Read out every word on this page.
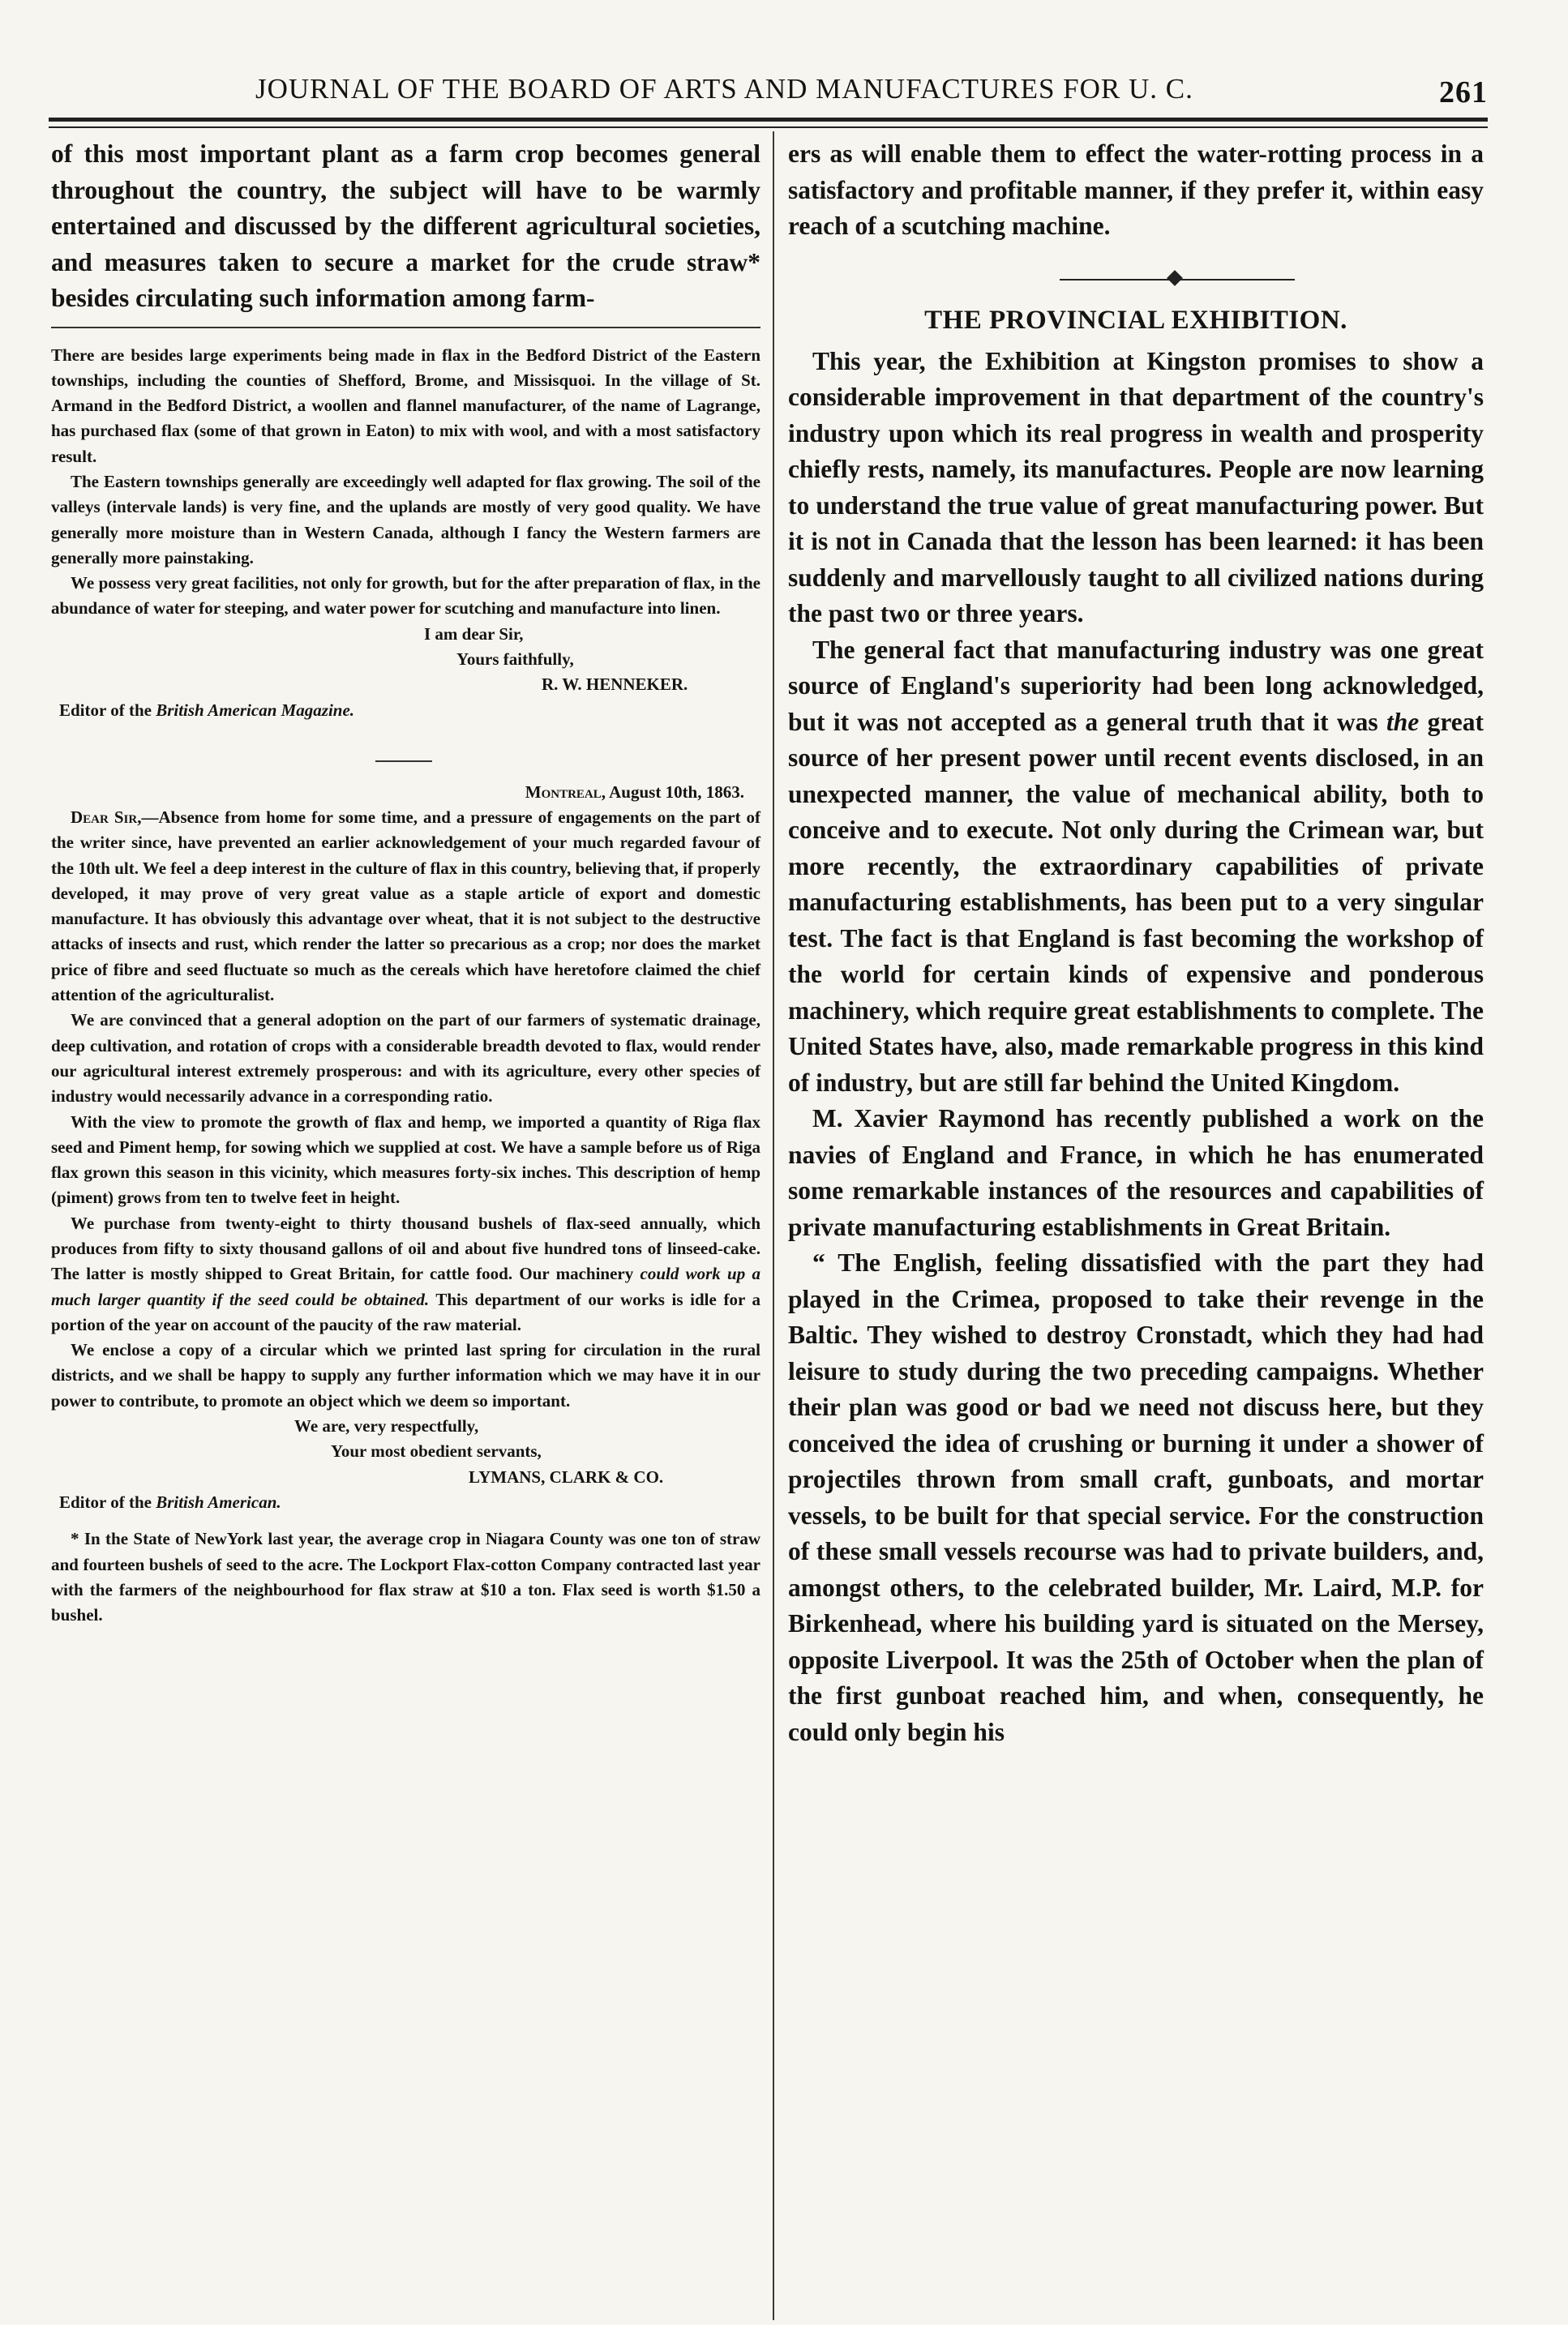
JOURNAL OF THE BOARD OF ARTS AND MANUFACTURES FOR U. C.	261

of this most important plant as a farm crop becomes general throughout the country, the subject will have to be warmly entertained and discussed by the different agricultural societies, and measures taken to secure a market for the crude straw* besides circulating such information among farm-

There are besides large experiments being made in flax in the Bedford District of the Eastern townships, including the counties of Shefford, Brome, and Missisquoi. In the village of St. Armand in the Bedford District, a woollen and flannel manufacturer, of the name of Lagrange, has purchased flax (some of that grown in Eaton) to mix with wool, and with a most satisfactory result.

The Eastern townships generally are exceedingly well adapted for flax growing. The soil of the valleys (intervale lands) is very fine, and the uplands are mostly of very good quality. We have generally more moisture than in Western Canada, although I fancy the Western farmers are generally more painstaking.

We possess very great facilities, not only for growth, but for the after preparation of flax, in the abundance of water for steeping, and water power for scutching and manufacture into linen.

I am dear Sir,

Yours faithfully,

R. W. HENNEKER.

Editor of the British American Magazine.

Montreal, August 10th, 1863.

Dear Sir,—Absence from home for some time, and a pressure of engagements on the part of the writer since, have prevented an earlier acknowledgement of your much regarded favour of the 10th ult. We feel a deep interest in the culture of flax in this country, believing that, if properly developed, it may prove of very great value as a staple article of export and domestic manufacture. It has obviously this advantage over wheat, that it is not subject to the destructive attacks of insects and rust, which render the latter so precarious as a crop; nor does the market price of fibre and seed fluctuate so much as the cereals which have heretofore claimed the chief attention of the agriculturalist.

We are convinced that a general adoption on the part of our farmers of systematic drainage, deep cultivation, and rotation of crops with a considerable breadth devoted to flax, would render our agricultural interest extremely prosperous: and with its agriculture, every other species of industry would necessarily advance in a corresponding ratio.

With the view to promote the growth of flax and hemp, we imported a quantity of Riga flax seed and Piment hemp, for sowing which we supplied at cost. We have a sample before us of Riga flax grown this season in this vicinity, which measures forty-six inches. This description of hemp (piment) grows from ten to twelve feet in height.

We purchase from twenty-eight to thirty thousand bushels of flax-seed annually, which produces from fifty to sixty thousand gallons of oil and about five hundred tons of linseed-cake. The latter is mostly shipped to Great Britain, for cattle food. Our machinery could work up a much larger quantity if the seed could be obtained. This department of our works is idle for a portion of the year on account of the paucity of the raw material.

We enclose a copy of a circular which we printed last spring for circulation in the rural districts, and we shall be happy to supply any further information which we may have it in our power to contribute, to promote an object which we deem so important.

We are, very respectfully,

Your most obedient servants,

LYMANS, CLARK & CO.

Editor of the British American.

* In the State of NewYork last year, the average crop in Niagara County was one ton of straw and fourteen bushels of seed to the acre. The Lockport Flax-cotton Company contracted last year with the farmers of the neighbourhood for flax straw at $10 a ton. Flax seed is worth $1.50 a bushel.

ers as will enable them to effect the water-rotting process in a satisfactory and profitable manner, if they prefer it, within easy reach of a scutching machine.

THE PROVINCIAL EXHIBITION.

This year, the Exhibition at Kingston promises to show a considerable improvement in that department of the country's industry upon which its real progress in wealth and prosperity chiefly rests, namely, its manufactures. People are now learning to understand the true value of great manufacturing power. But it is not in Canada that the lesson has been learned: it has been suddenly and marvellously taught to all civilized nations during the past two or three years.

The general fact that manufacturing industry was one great source of England's superiority had been long acknowledged, but it was not accepted as a general truth that it was the great source of her present power until recent events disclosed, in an unexpected manner, the value of mechanical ability, both to conceive and to execute. Not only during the Crimean war, but more recently, the extraordinary capabilities of private manufacturing establishments, has been put to a very singular test. The fact is that England is fast becoming the workshop of the world for certain kinds of expensive and ponderous machinery, which require great establishments to complete. The United States have, also, made remarkable progress in this kind of industry, but are still far behind the United Kingdom.

M. Xavier Raymond has recently published a work on the navies of England and France, in which he has enumerated some remarkable instances of the resources and capabilities of private manufacturing establishments in Great Britain.

“ The English, feeling dissatisfied with the part they had played in the Crimea, proposed to take their revenge in the Baltic. They wished to destroy Cronstadt, which they had had leisure to study during the two preceding campaigns. Whether their plan was good or bad we need not discuss here, but they conceived the idea of crushing or burning it under a shower of projectiles thrown from small craft, gunboats, and mortar vessels, to be built for that special service. For the construction of these small vessels recourse was had to private builders, and, amongst others, to the celebrated builder, Mr. Laird, M.P. for Birkenhead, where his building yard is situated on the Mersey, opposite Liverpool. It was the 25th of October when the plan of the first gunboat reached him, and when, consequently, he could only begin his
